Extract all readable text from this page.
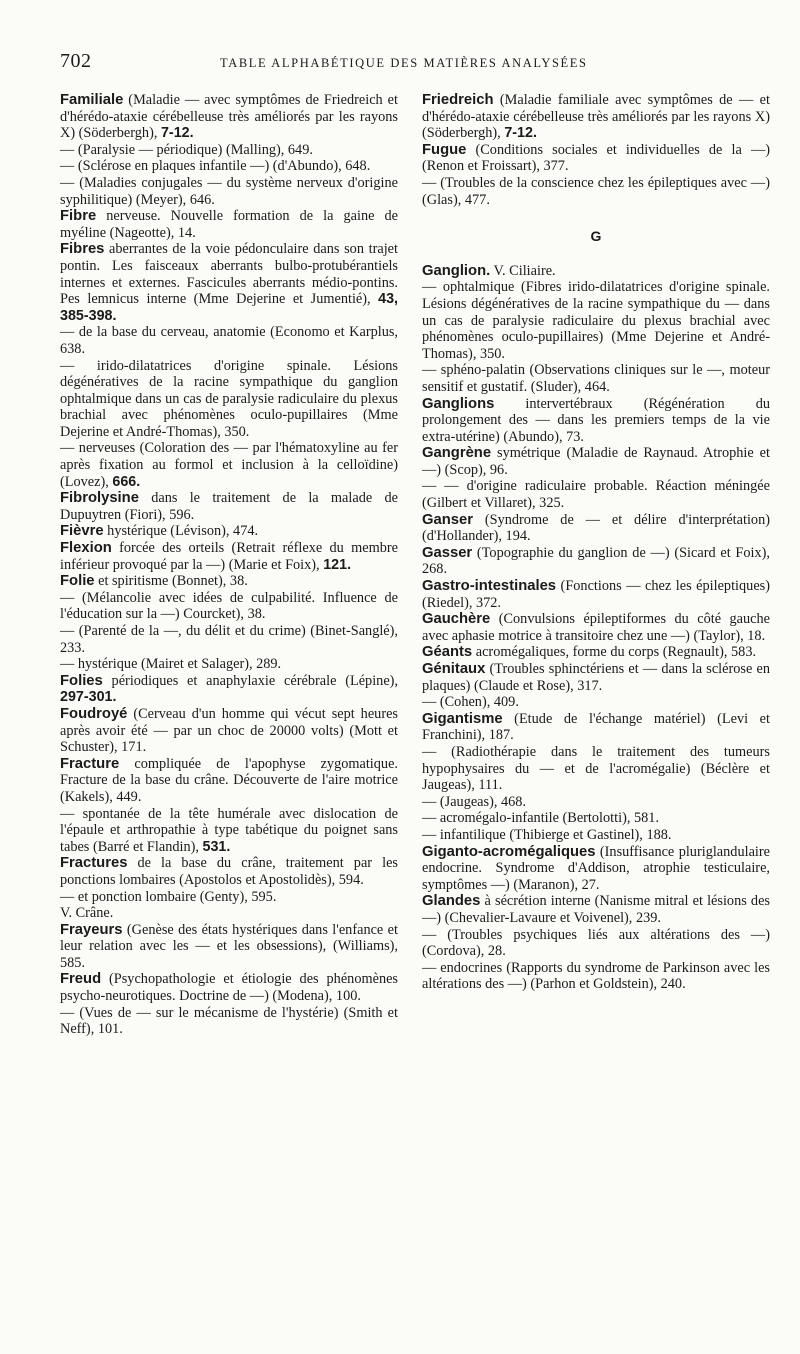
702	TABLE ALPHABÉTIQUE DES MATIÈRES ANALYSÉES

Familiale (Maladie — avec symptômes de Friedreich et d'hérédo-ataxie cérébelleuse très améliorés par les rayons X) (Söderbergh), 7-12.

— (Paralysie — périodique) (Malling), 649.

— (Sclérose en plaques infantile —) (d'Abundo), 648.

— (Maladies conjugales — du système nerveux d'origine syphilitique) (Meyer), 646.

Fibre nerveuse. Nouvelle formation de la gaine de myéline (Nageotte), 14.

Fibres aberrantes de la voie pédonculaire dans son trajet pontin. Les faisceaux aberrants bulbo-protubérantiels internes et externes. Fascicules aberrants médio-pontins. Pes lemnicus interne (Mme Dejerine et Jumentié), 43, 385-398.

— de la base du cerveau, anatomie (Economo et Karplus, 638.

— irido-dilatatrices d'origine spinale. Lésions dégénératives de la racine sympathique du ganglion ophtalmique dans un cas de paralysie radiculaire du plexus brachial avec phénomènes oculo-pupillaires (Mme Dejerine et André-Thomas), 350.

— nerveuses (Coloration des — par l'hématoxyline au fer après fixation au formol et inclusion à la celloïdine) (Lovez), 666.

Fibrolysine dans le traitement de la malade de Dupuytren (Fiori), 596.

Fièvre hystérique (Lévison), 474.

Flexion forcée des orteils (Retrait réflexe du membre inférieur provoqué par la —) (Marie et Foix), 121.

Folie et spiritisme (Bonnet), 38.

— (Mélancolie avec idées de culpabilité. Influence de l'éducation sur la —) Courcket), 38.

— (Parenté de la —, du délit et du crime) (Binet-Sanglé), 233.

— hystérique (Mairet et Salager), 289.

Folies périodiques et anaphylaxie cérébrale (Lépine), 297-301.

Foudroyé (Cerveau d'un homme qui vécut sept heures après avoir été — par un choc de 20000 volts) (Mott et Schuster), 171.

Fracture compliquée de l'apophyse zygomatique. Fracture de la base du crâne. Découverte de l'aire motrice (Kakels), 449.

— spontanée de la tête humérale avec dislocation de l'épaule et arthropathie à type tabétique du poignet sans tabes (Barré et Flandin), 531.

Fractures de la base du crâne, traitement par les ponctions lombaires (Apostolos et Apostolidès), 594.

— et ponction lombaire (Genty), 595.

V. Crâne.

Frayeurs (Genèse des états hystériques dans l'enfance et leur relation avec les — et les obsessions), (Williams), 585.

Freud (Psychopathologie et étiologie des phénomènes psycho-neurotiques. Doctrine de —) (Modena), 100.

— (Vues de — sur le mécanisme de l'hystérie) (Smith et Neff), 101.

Friedreich (Maladie familiale avec symptômes de — et d'hérédo-ataxie cérébelleuse très améliorés par les rayons X) (Söderbergh), 7-12.

Fugue (Conditions sociales et individuelles de la —) (Renon et Froissart), 377.

— (Troubles de la conscience chez les épileptiques avec —) (Glas), 477.

G

Ganglion. V. Ciliaire.

— ophtalmique (Fibres irido-dilatatrices d'origine spinale. Lésions dégénératives de la racine sympathique du — dans un cas de paralysie radiculaire du plexus brachial avec phénomènes oculo-pupillaires) (Mme Dejerine et André-Thomas), 350.

— sphéno-palatin (Observations cliniques sur le —, moteur sensitif et gustatif. (Sluder), 464.

Ganglions intervertébraux (Régénération du prolongement des — dans les premiers temps de la vie extra-utérine) (Abundo), 73.

Gangrène symétrique (Maladie de Raynaud. Atrophie et —) (Scop), 96.

— — d'origine radiculaire probable. Réaction méningée (Gilbert et Villaret), 325.

Ganser (Syndrome de — et délire d'interprétation) (d'Hollander), 194.

Gasser (Topographie du ganglion de —) (Sicard et Foix), 268.

Gastro-intestinales (Fonctions — chez les épileptiques) (Riedel), 372.

Gauchère (Convulsions épileptiformes du côté gauche avec aphasie motrice à transitoire chez une —) (Taylor), 18.

Géants acromégaliques, forme du corps (Regnault), 583.

Génitaux (Troubles sphinctériens et — dans la sclérose en plaques) (Claude et Rose), 317.

— (Cohen), 409.

Gigantisme (Etude de l'échange matériel) (Levi et Franchini), 187.

— (Radiothérapie dans le traitement des tumeurs hypophysaires du — et de l'acromégalie) (Béclère et Jaugeas), 111.

— (Jaugeas), 468.

— acromégalo-infantile (Bertolotti), 581.

— infantilique (Thibierge et Gastinel), 188.

Giganto-acromégaliques (Insuffisance pluriglandulaire endocrine. Syndrome d'Addison, atrophie testiculaire, symptômes —) (Maranon), 27.

Glandes à sécrétion interne (Nanisme mitral et lésions des —) (Chevalier-Lavaure et Voivenel), 239.

— (Troubles psychiques liés aux altérations des —) (Cordova), 28.

— endocrines (Rapports du syndrome de Parkinson avec les altérations des —) (Parhon et Goldstein), 240.
